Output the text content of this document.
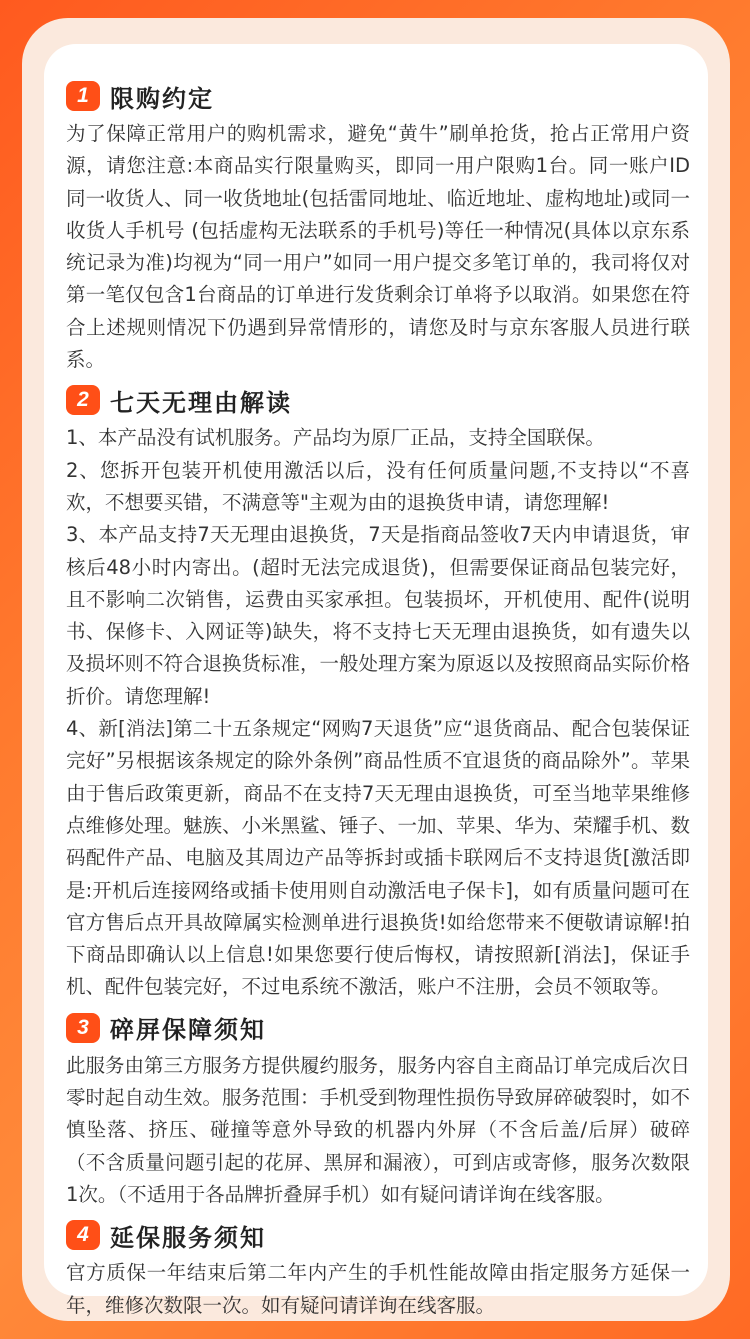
1 限购约定

为了保障正常用户的购机需求，避免“黄牛”刷单抢货，抢占正常用户资源，请您注意:本商品实行限量购买，即同一用户限购1台。同一账户ID同一收货人、同一收货地址(包括雷同地址、临近地址、虚构地址)或同一收货人手机号 (包括虚构无法联系的手机号)等任一种情况(具体以京东系统记录为准)均视为“同一用户”如同一用户提交多笔订单的，我司将仅对第一笔仅包含1台商品的订单进行发货剩余订单将予以取消。如果您在符合上述规则情况下仍遇到异常情形的，请您及时与京东客服人员进行联系。

2 七天无理由解读

1、本产品没有试机服务。产品均为原厂正品，支持全国联保。

2、您拆开包装开机使用激活以后，没有任何质量问题,不支持以“不喜欢，不想要买错，不满意等"主观为由的退换货申请，请您理解!

3、本产品支持7天无理由退换货，7天是指商品签收7天内申请退货，审核后48小时内寄出。(超时无法完成退货)，但需要保证商品包装完好，且不影响二次销售，运费由买家承担。包装损坏，开机使用、配件(说明书、保修卡、入网证等)缺失，将不支持七天无理由退换货，如有遗失以及损坏则不符合退换货标准，一般处理方案为原返以及按照商品实际价格折价。请您理解!

4、新[消法]第二十五条规定“网购7天退货”应“退货商品、配合包装保证完好”另根据该条规定的除外条例”商品性质不宜退货的商品除外”。苹果由于售后政策更新，商品不在支持7天无理由退换货，可至当地苹果维修点维修处理。魅族、小米黑鲨、锤子、一加、苹果、华为、荣耀手机、数码配件产品、电脑及其周边产品等拆封或插卡联网后不支持退货[激活即是:开机后连接网络或插卡使用则自动激活电子保卡]，如有质量问题可在官方售后点开具故障属实检测单进行退换货!如给您带来不便敬请谅解!拍下商品即确认以上信息!如果您要行使后悔权，请按照新[消法]，保证手机、配件包装完好，不过电系统不激活，账户不注册，会员不领取等。

3 碎屏保障须知

此服务由第三方服务方提供履约服务，服务内容自主商品订单完成后次日零时起自动生效。服务范围：手机受到物理性损伤导致屏碎破裂时，如不慎坠落、挤压、碰撞等意外导致的机器内外屏（不含后盖/后屏）破碎（不含质量问题引起的花屏、黑屏和漏液），可到店或寄修，服务次数限1次。（不适用于各品牌折叠屏手机）如有疑问请详询在线客服。

4 延保服务须知

官方质保一年结束后第二年内产生的手机性能故障由指定服务方延保一年，维修次数限一次。如有疑问请详询在线客服。
